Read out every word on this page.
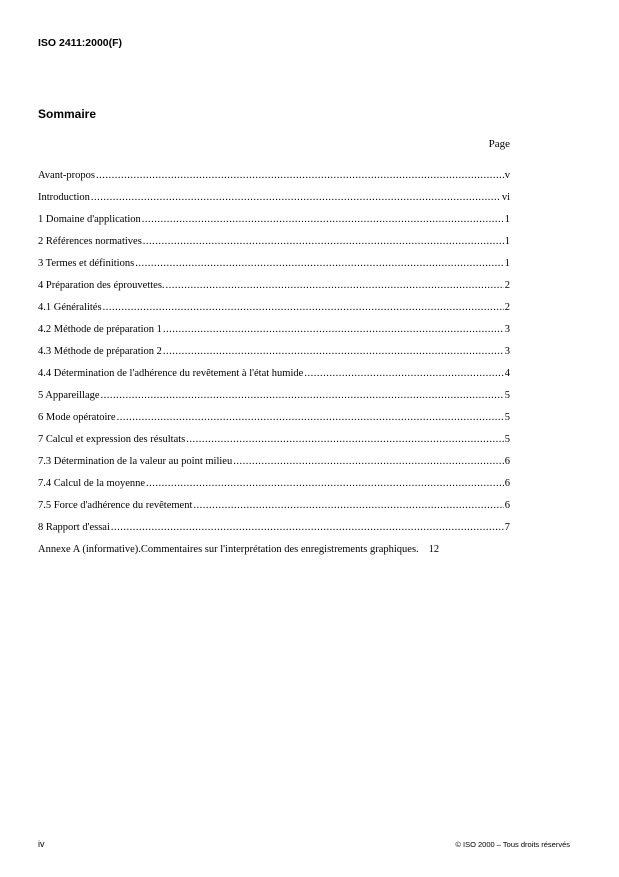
ISO 2411:2000(F)
Sommaire
Page
Avant-propos .....	v
Introduction .....	vi
1 Domaine d'application .....	1
2 Références normatives .....	1
3 Termes et définitions .....	1
4 Préparation des éprouvettes. .....	2
4.1 Généralités .....	2
4.2 Méthode de préparation 1 .....	3
4.3 Méthode de préparation 2 .....	3
4.4 Détermination de l'adhérence du revêtement à l'état humide .....	4
5 Appareillage .....	5
6 Mode opératoire .....	5
7 Calcul et expression des résultats .....	5
7.3 Détermination de la valeur au point milieu .....	6
7.4 Calcul de la moyenne .....	6
7.5 Force d'adhérence du revêtement .....	6
8 Rapport d'essai .....	7
Annexe A (informative).Commentaires sur l'interprétation des enregistrements graphiques. 12
iv	© ISO 2000 – Tous droits réservés
